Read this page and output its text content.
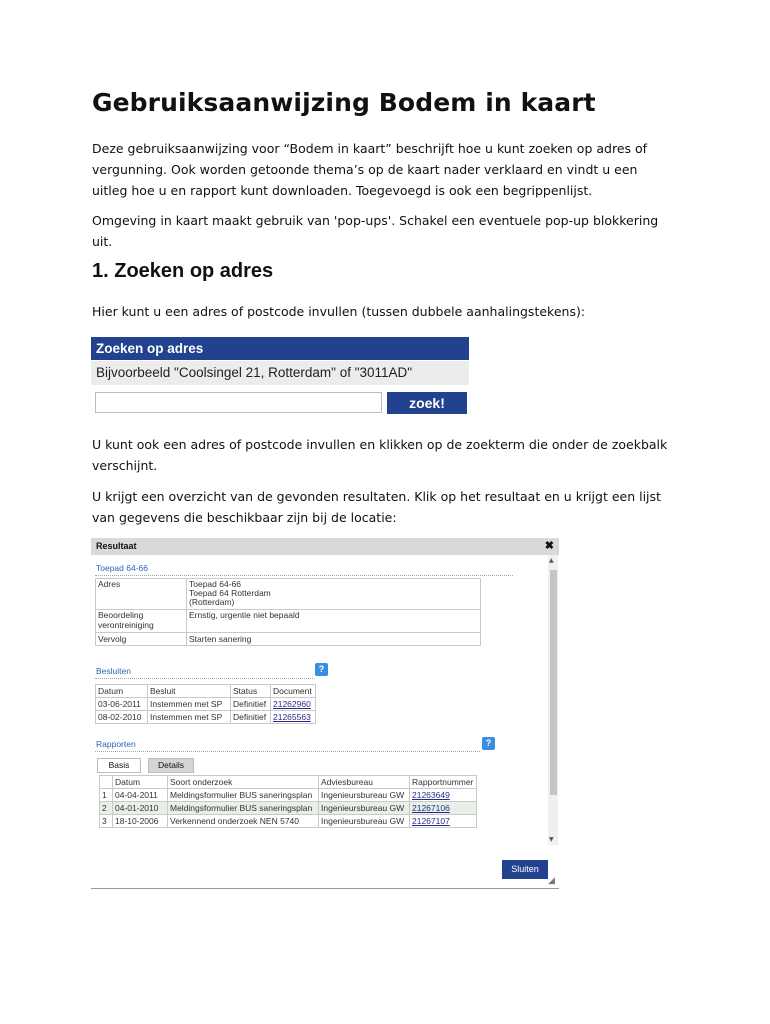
Gebruiksaanwijzing Bodem in kaart

Deze gebruiksaanwijzing voor “Bodem in kaart” beschrijft hoe u kunt zoeken op adres of vergunning. Ook worden getoonde thema’s op de kaart nader verklaard en vindt u een uitleg hoe u en rapport kunt downloaden. Toegevoegd is ook een begrippenlijst.

Omgeving in kaart maakt gebruik van 'pop-ups'. Schakel een eventuele pop-up blokkering uit.

1. Zoeken op adres

Hier kunt u een adres of postcode invullen (tussen dubbele aanhalingstekens):

Zoeken op adres
Bijvoorbeeld "Coolsingel 21, Rotterdam" of "3011AD"
zoek!

U kunt ook een adres of postcode invullen en klikken op de zoekterm die onder de zoekbalk verschijnt.

U krijgt een overzicht van de gevonden resultaten. Klik op het resultaat en u krijgt een lijst van gegevens die beschikbaar zijn bij de locatie:

Resultaat	✖
Toepad 64-66
Adres	Toepad 64-66
Toepad 64 Rotterdam
(Rotterdam)

Beoordeling
verontreiniging	Ernstig, urgentie niet bepaald
Vervolg	Starten sanering
Besluiten	?
Datum	Besluit	Status	Document
03-06-2011	Instemmen met SP	Definitief	21262960
08-02-2010	Instemmen met SP	Definitief	21265563
Rapporten	?
Basis	Details
	Datum	Soort onderzoek	Adviesbureau	Rapportnummer
1	04-04-2011	Meldingsformulier BUS saneringsplan	Ingenieursbureau GW	21263649
2	04-01-2010	Meldingsformulier BUS saneringsplan	Ingenieursbureau GW	21267106
3	18-10-2006	Verkennend onderzoek NEN 5740	Ingenieursbureau GW	21267107
▲
▼
Sluiten
◢
